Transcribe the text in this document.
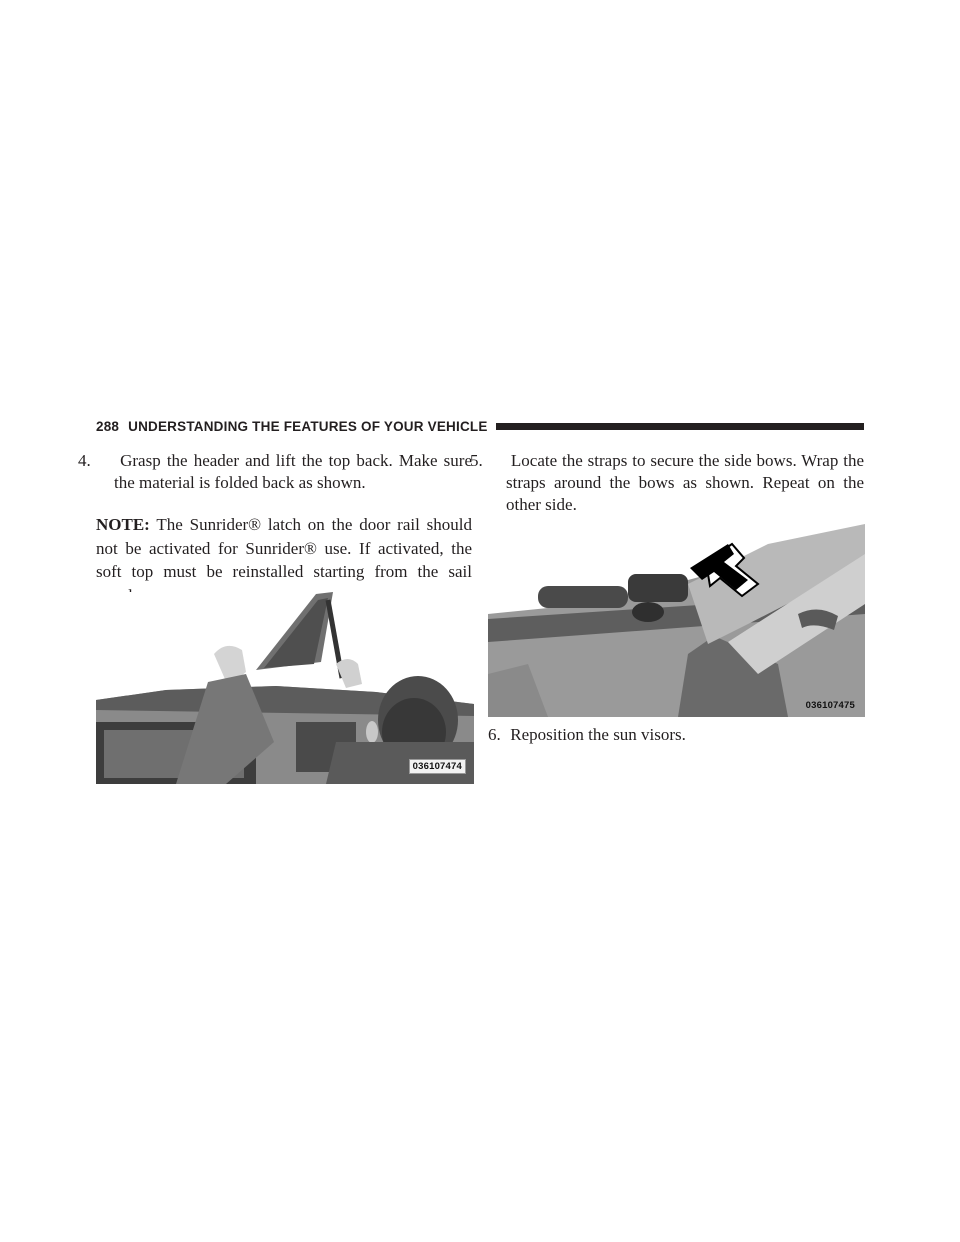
288 UNDERSTANDING THE FEATURES OF YOUR VEHICLE

4. Grasp the header and lift the top back. Make sure the material is folded back as shown.

NOTE: The Sunrider® latch on the door rail should not be activated for Sunrider® use. If activated, the soft top must be reinstalled starting from the sail

036107474

5. Locate the straps to secure the side bows. Wrap the straps around the bows as shown. Repeat on the other side.

036107475

6. Reposition the sun visors.
